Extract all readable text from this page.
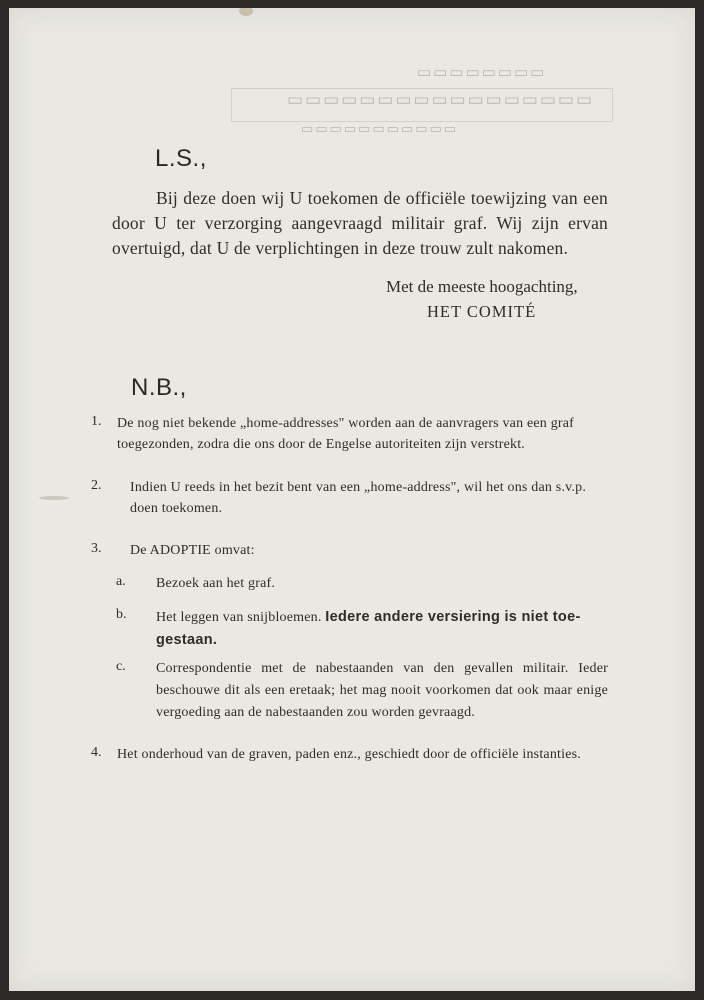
▭▭▭▭▭▭▭▭
▭▭▭▭▭▭▭▭▭▭▭▭▭▭▭▭▭
▭▭▭▭▭▭▭▭▭▭▭
L.S.,
Bij deze doen wij U toekomen de officiële toewijzing van een door U ter verzorging aangevraagd militair graf. Wij zijn ervan overtuigd, dat U de verplichtingen in deze trouw zult nakomen.
Met de meeste hoogachting,
HET COMITÉ
N.B.,
1. De nog niet bekende „home-addresses" worden aan de aanvragers van een graf toegezonden, zodra die ons door de Engelse autoriteiten zijn verstrekt.
2. Indien U reeds in het bezit bent van een „home-address", wil het ons dan s.v.p. doen toekomen.
3. De ADOPTIE omvat:
a. Bezoek aan het graf.
b. Het leggen van snijbloemen. Iedere andere versiering is niet toe-gestaan.
c. Correspondentie met de nabestaanden van den gevallen militair. Ieder beschouwe dit als een eretaak; het mag nooit voorkomen dat ook maar enige vergoeding aan de nabestaanden zou worden gevraagd.
4. Het onderhoud van de graven, paden enz., geschiedt door de officiële instanties.
